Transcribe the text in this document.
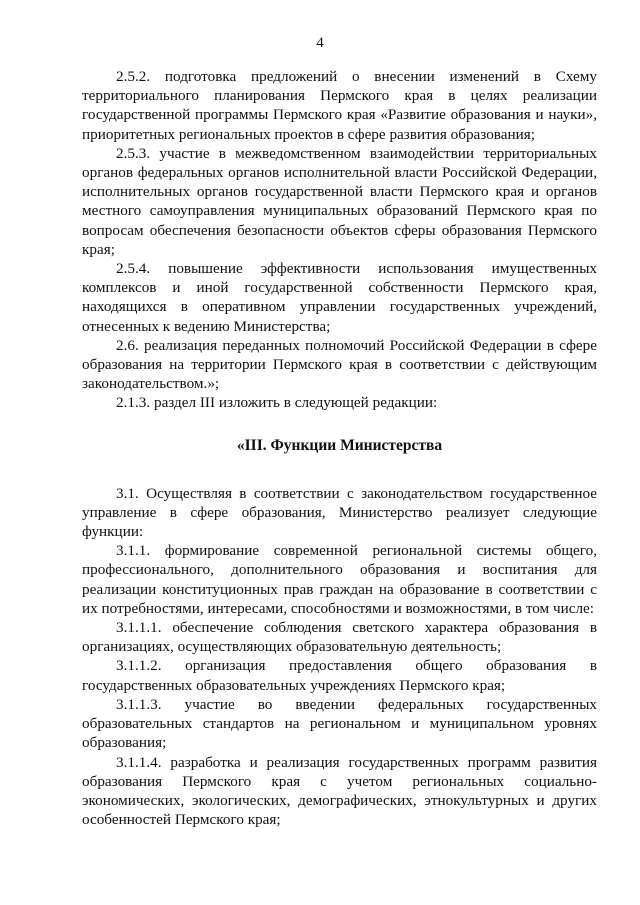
4

2.5.2. подготовка предложений о внесении изменений в Схему территориального планирования Пермского края в целях реализации государственной программы Пермского края «Развитие образования и науки», приоритетных региональных проектов в сфере развития образования;

2.5.3. участие в межведомственном взаимодействии территориальных органов федеральных органов исполнительной власти Российской Федерации, исполнительных органов государственной власти Пермского края и органов местного самоуправления муниципальных образований Пермского края по вопросам обеспечения безопасности объектов сферы образования Пермского края;

2.5.4. повышение эффективности использования имущественных комплексов и иной государственной собственности Пермского края, находящихся в оперативном управлении государственных учреждений, отнесенных к ведению Министерства;

2.6. реализация переданных полномочий Российской Федерации в сфере образования на территории Пермского края в соответствии с действующим законодательством.»;

2.1.3. раздел III изложить в следующей редакции:

«III. Функции Министерства

3.1. Осуществляя в соответствии с законодательством государственное управление в сфере образования, Министерство реализует следующие функции:

3.1.1. формирование современной региональной системы общего, профессионального, дополнительного образования и воспитания для реализации конституционных прав граждан на образование в соответствии с их потребностями, интересами, способностями и возможностями, в том числе:

3.1.1.1. обеспечение соблюдения светского характера образования в организациях, осуществляющих образовательную деятельность;

3.1.1.2. организация предоставления общего образования в государственных образовательных учреждениях Пермского края;

3.1.1.3. участие во введении федеральных государственных образовательных стандартов на региональном и муниципальном уровнях образования;

3.1.1.4. разработка и реализация государственных программ развития образования Пермского края с учетом региональных социально-экономических, экологических, демографических, этнокультурных и других особенностей Пермского края;
